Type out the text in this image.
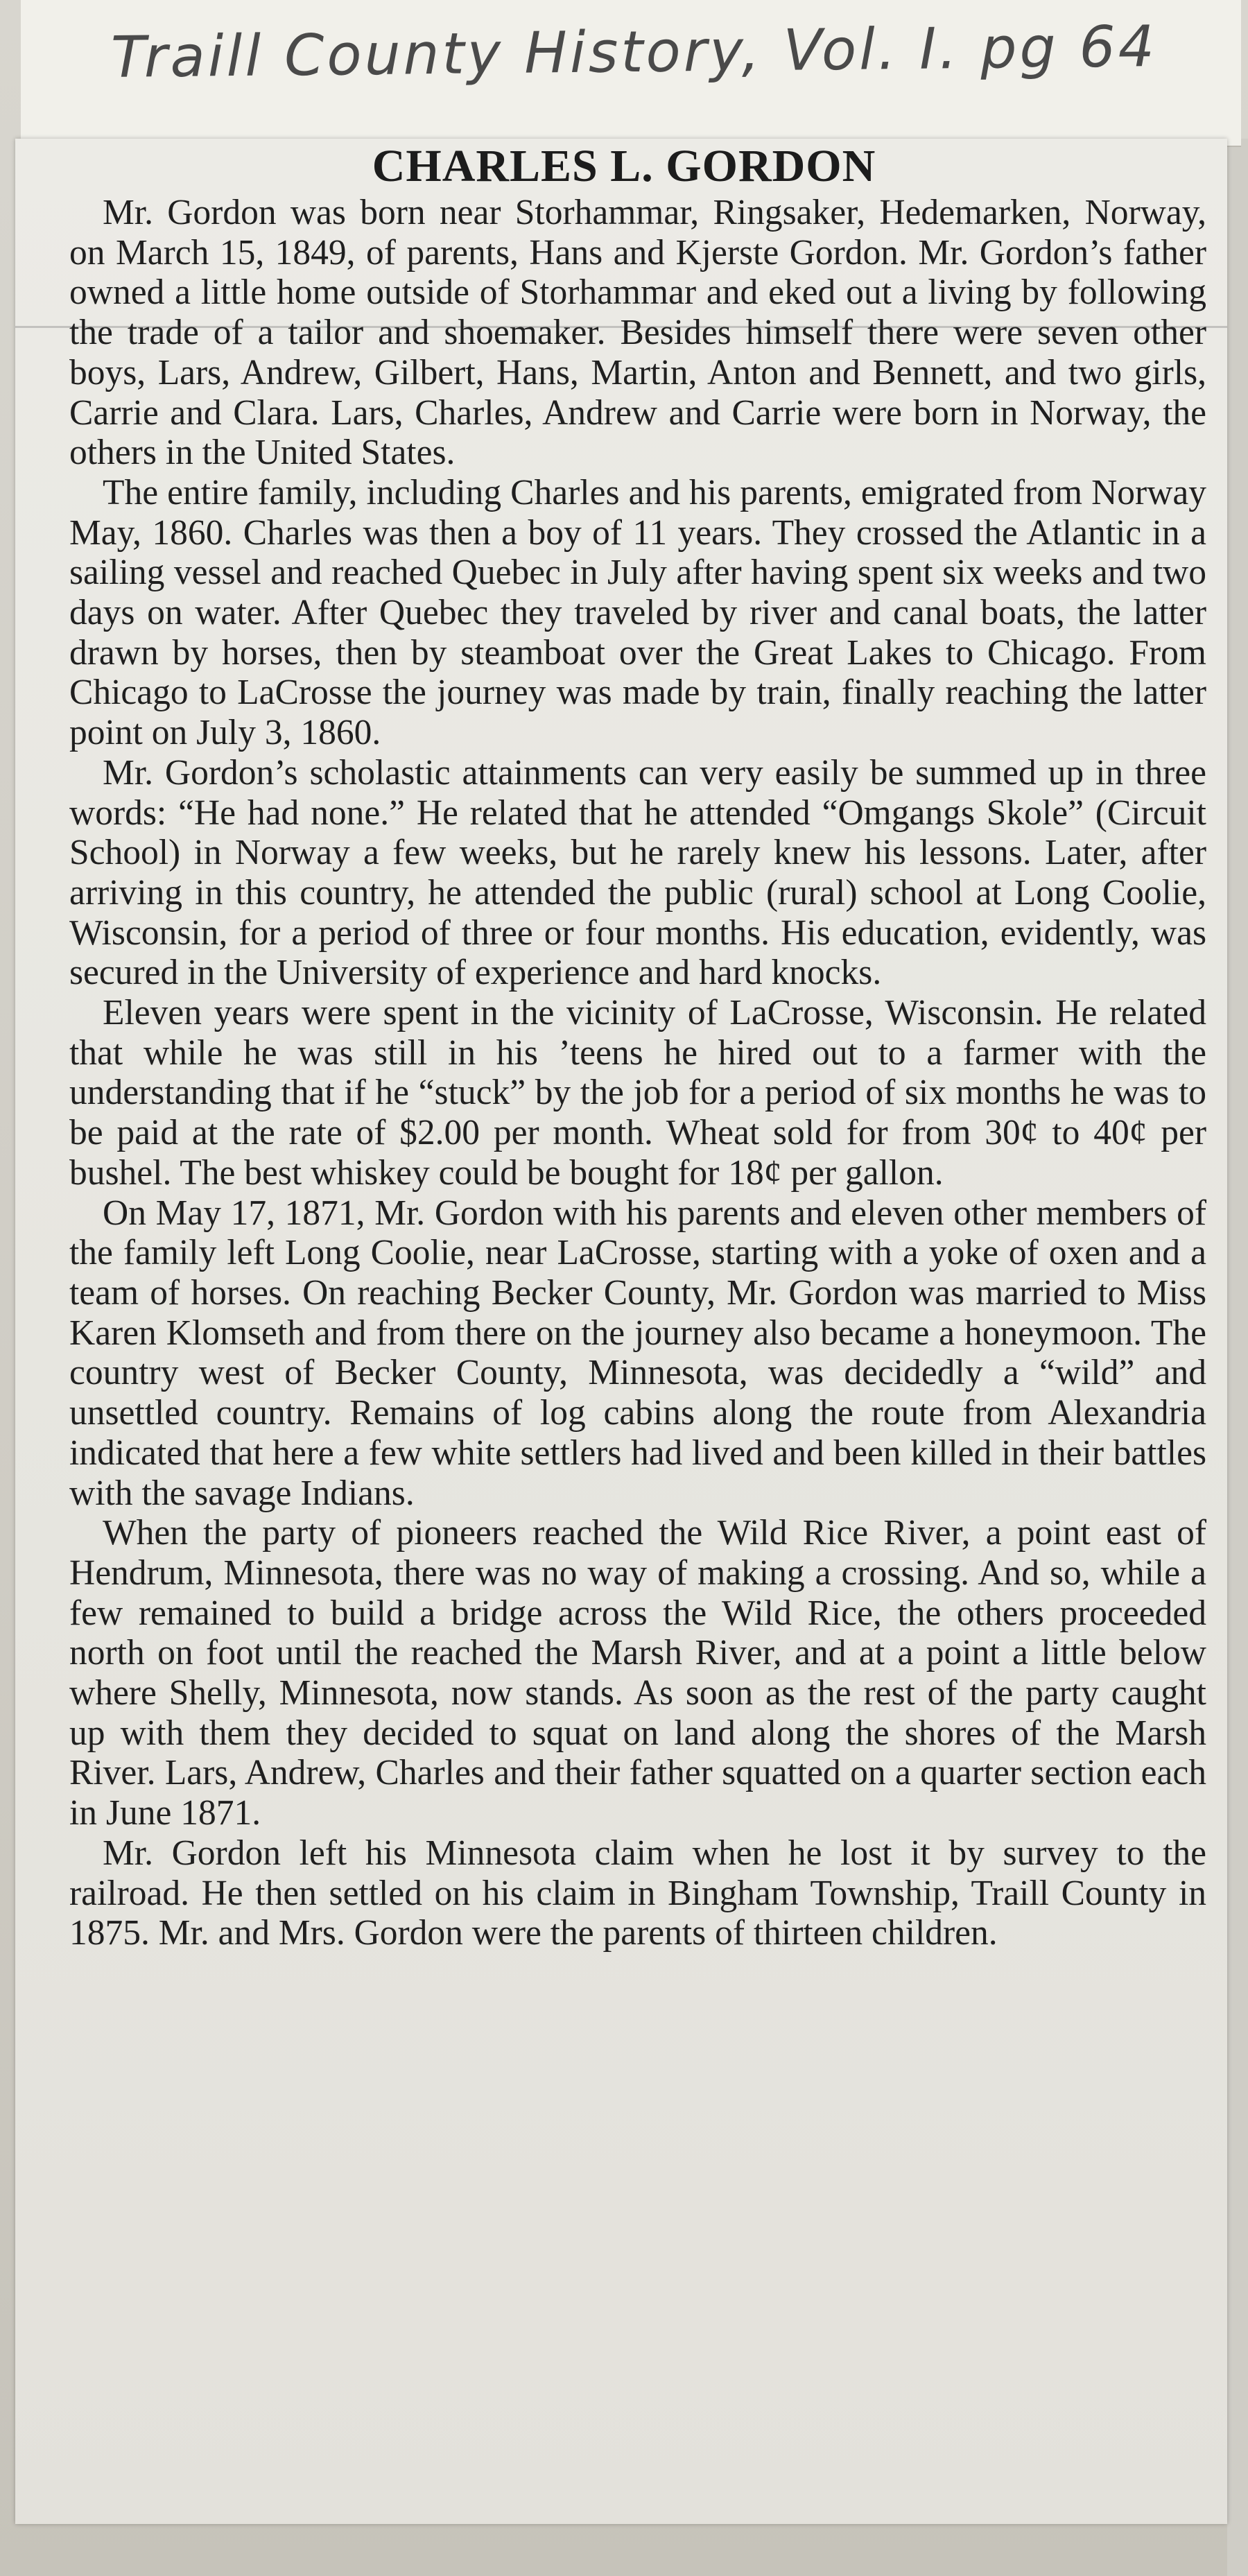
Traill County History, Vol. I. pg 64
CHARLES L. GORDON

Mr. Gordon was born near Storhammar, Ringsaker, Hedemarken, Norway, on March 15, 1849, of parents, Hans and Kjerste Gordon. Mr. Gordon’s father owned a little home outside of Storhammar and eked out a living by following the trade of a tailor and shoemaker. Besides himself there were seven other boys, Lars, Andrew, Gilbert, Hans, Martin, Anton and Bennett, and two girls, Carrie and Clara. Lars, Charles, Andrew and Carrie were born in Norway, the others in the United States.

The entire family, including Charles and his parents, emigrated from Norway May, 1860. Charles was then a boy of 11 years. They crossed the Atlantic in a sailing vessel and reached Quebec in July after having spent six weeks and two days on water. After Quebec they traveled by river and canal boats, the latter drawn by horses, then by steamboat over the Great Lakes to Chicago. From Chicago to LaCrosse the journey was made by train, finally reaching the latter point on July 3, 1860.

Mr. Gordon’s scholastic attainments can very easily be summed up in three words: “He had none.” He related that he attended “Omgangs Skole” (Circuit School) in Norway a few weeks, but he rarely knew his lessons. Later, after arriving in this country, he attended the public (rural) school at Long Coolie, Wisconsin, for a period of three or four months. His education, evidently, was secured in the University of experience and hard knocks.

Eleven years were spent in the vicinity of LaCrosse, Wisconsin. He related that while he was still in his ’teens he hired out to a farmer with the understanding that if he “stuck” by the job for a period of six months he was to be paid at the rate of $2.00 per month. Wheat sold for from 30¢ to 40¢ per bushel. The best whiskey could be bought for 18¢ per gallon.

On May 17, 1871, Mr. Gordon with his parents and eleven other members of the family left Long Coolie, near LaCrosse, starting with a yoke of oxen and a team of horses. On reaching Becker County, Mr. Gordon was married to Miss Karen Klomseth and from there on the journey also became a honeymoon. The country west of Becker County, Minnesota, was decidedly a “wild” and unsettled country. Remains of log cabins along the route from Alexandria indicated that here a few white settlers had lived and been killed in their battles with the savage Indians.

When the party of pioneers reached the Wild Rice River, a point east of Hendrum, Minnesota, there was no way of making a crossing. And so, while a few remained to build a bridge across the Wild Rice, the others proceeded north on foot until the reached the Marsh River, and at a point a little below where Shelly, Minnesota, now stands. As soon as the rest of the party caught up with them they decided to squat on land along the shores of the Marsh River. Lars, Andrew, Charles and their father squatted on a quarter section each in June 1871.

Mr. Gordon left his Minnesota claim when he lost it by survey to the railroad. He then settled on his claim in Bingham Township, Traill County in 1875. Mr. and Mrs. Gordon were the parents of thirteen children.
